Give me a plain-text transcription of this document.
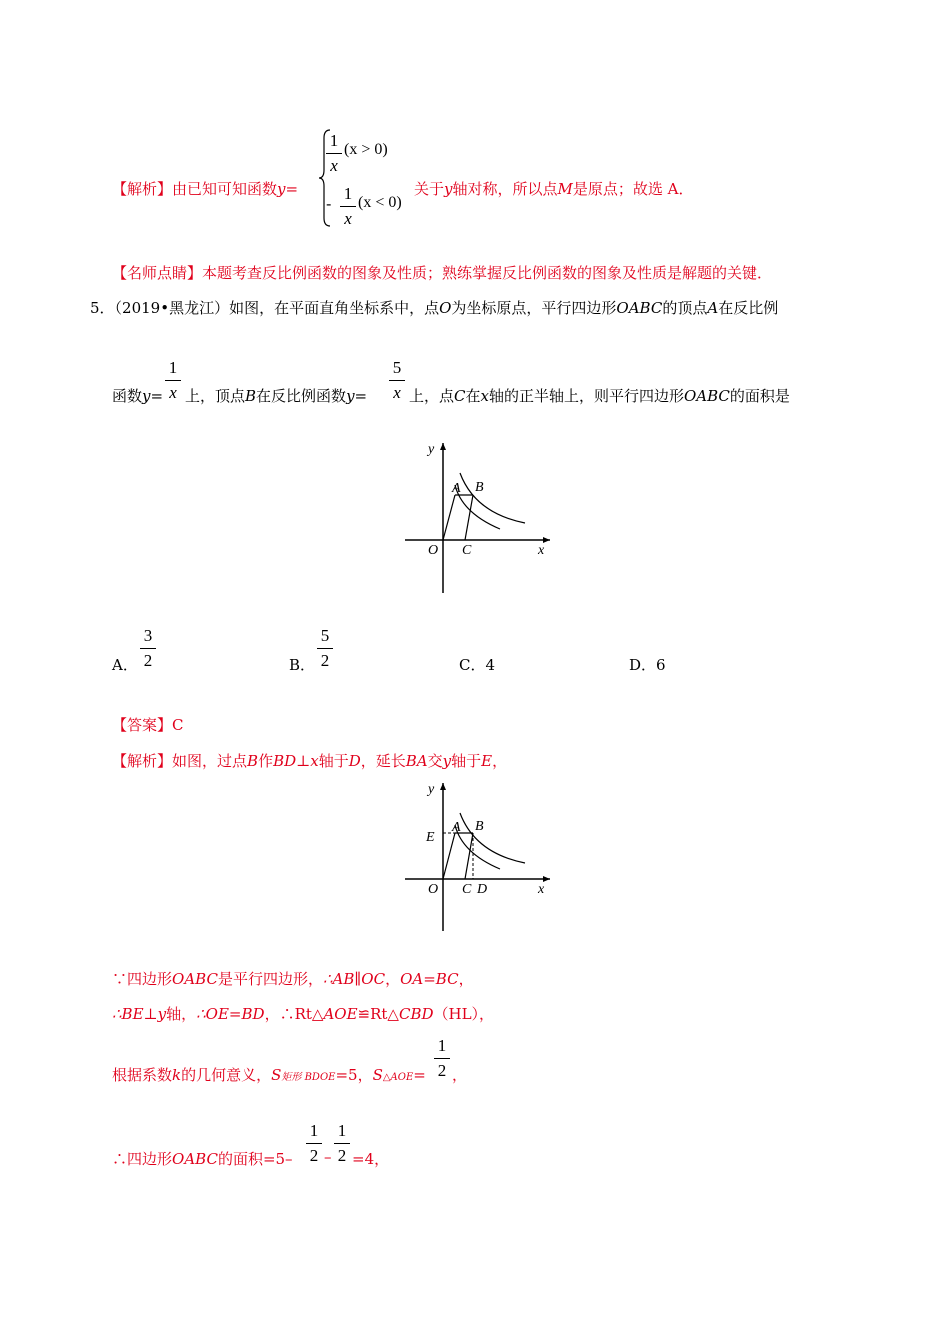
【解析】由已知可知函数y=
1
x
(x > 0)
-
1
x
(x < 0)
关于y轴对称，所以点M是原点；故选 A．
【名师点睛】本题考查反比例函数的图象及性质；熟练掌握反比例函数的图象及性质是解题的关键．
5．（2019•黑龙江）如图，在平面直角坐标系中，点O为坐标原点，平行四边形OABC的顶点A在反比例
函数y=
1
x 上，顶点B在反比例函数y=
5
x 上，点C在x轴的正半轴上，则平行四边形OABC的面积是
y
x
O
A B
C
A．
3
2	B．
5
2	C．4	D．6
【答案】C
【解析】如图，过点B作BD⊥x轴于D，延长BA交y轴于E，
y
x
O
E
A B
C D
∵四边形OABC是平行四边形，∴AB∥OC，OA=BC，
∴BE⊥y轴，∴OE=BD，∴Rt△AOE≌Rt△CBD（HL），
根据系数k的几何意义，S矩形 BDOE=5，S△AOE=
1
2 ，
∴四边形OABC的面积=5–
1
2 –
1
2 =4，
